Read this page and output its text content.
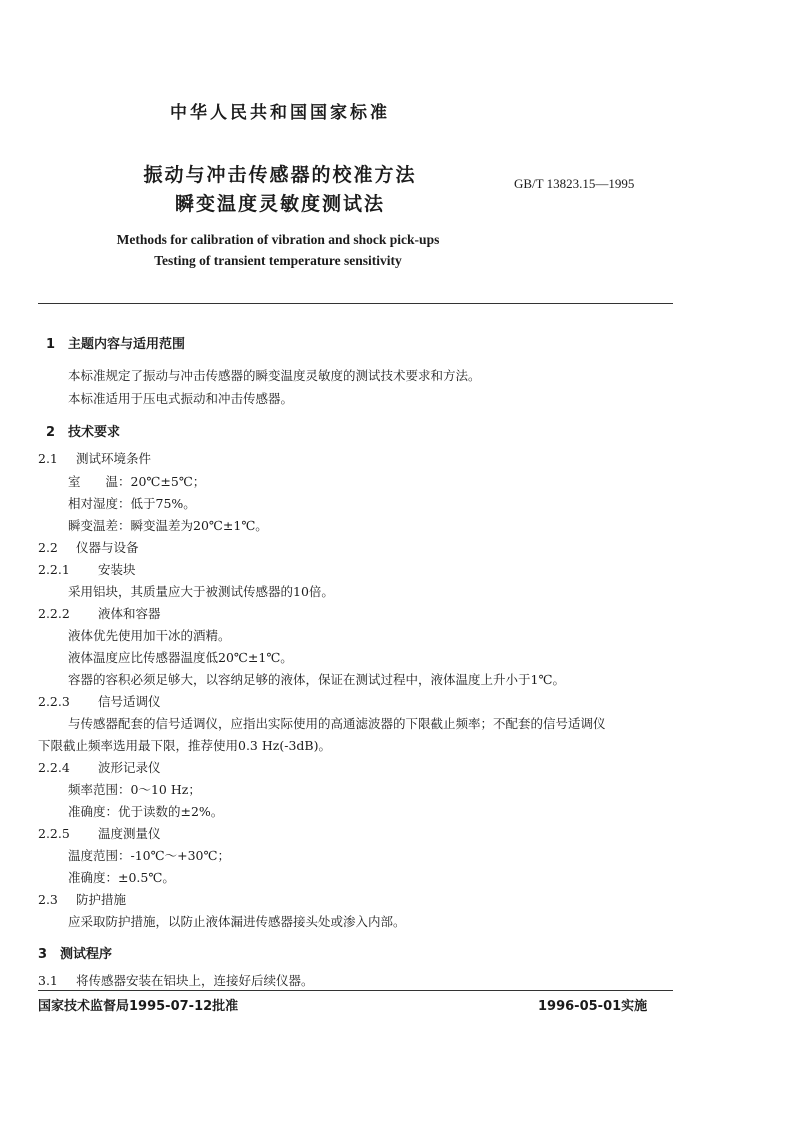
中华人民共和国国家标准
振动与冲击传感器的校准方法
瞬变温度灵敏度测试法
GB/T 13823.15—1995
Methods for calibration of vibration and shock pick-ups
Testing of transient temperature sensitivity
1 主题内容与适用范围
本标准规定了振动与冲击传感器的瞬变温度灵敏度的测试技术要求和方法。
本标准适用于压电式振动和冲击传感器。
2 技术要求
2.1 测试环境条件
室　　温：20℃±5℃；
相对湿度：低于75%。
瞬变温差：瞬变温差为20℃±1℃。
2.2 仪器与设备
2.2.1 安装块
采用铝块，其质量应大于被测试传感器的10倍。
2.2.2 液体和容器
液体优先使用加干冰的酒精。
液体温度应比传感器温度低20℃±1℃。
容器的容积必须足够大，以容纳足够的液体，保证在测试过程中，液体温度上升小于1℃。
2.2.3 信号适调仪
与传感器配套的信号适调仪，应指出实际使用的高通滤波器的下限截止频率；不配套的信号适调仪
下限截止频率选用最下限，推荐使用0.3 Hz(-3dB)。
2.2.4 波形记录仪
频率范围：0～10 Hz；
准确度：优于读数的±2%。
2.2.5 温度测量仪
温度范围：-10℃～+30℃；
准确度：±0.5℃。
2.3 防护措施
应采取防护措施，以防止液体漏进传感器接头处或渗入内部。
3 测试程序
3.1 将传感器安装在铝块上，连接好后续仪器。
国家技术监督局1995-07-12批准	1996-05-01实施
